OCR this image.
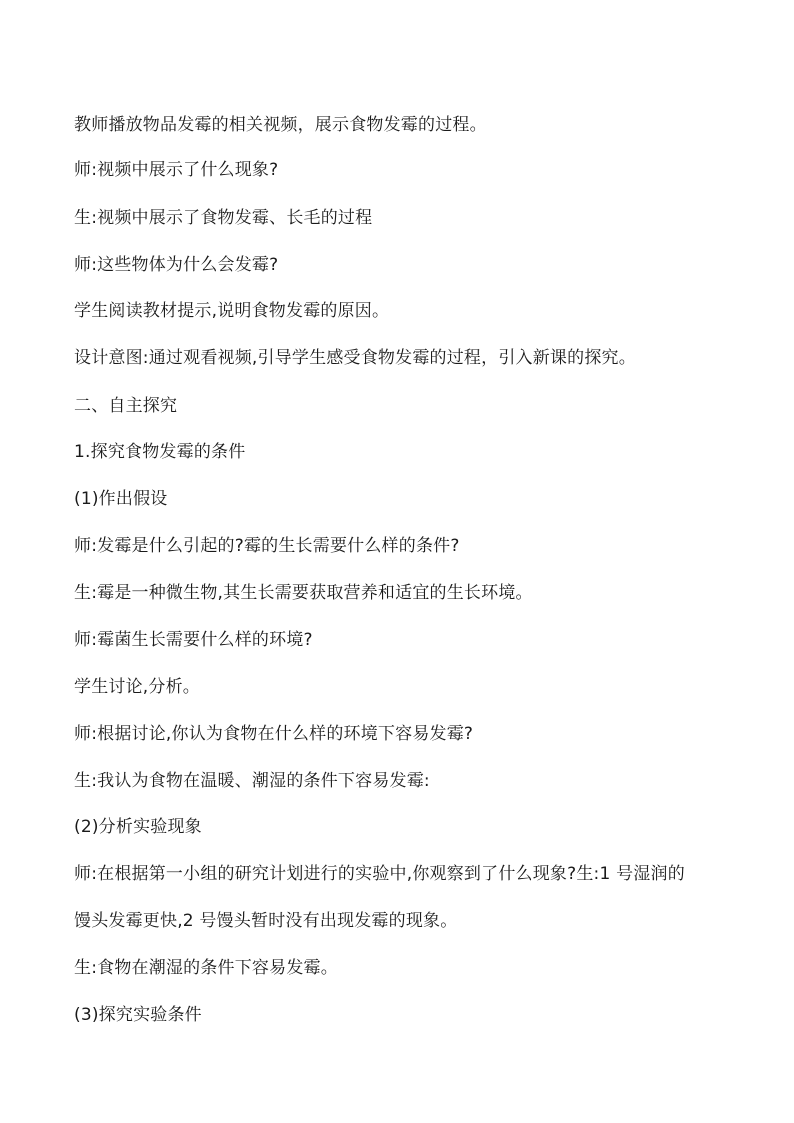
教师播放物品发霉的相关视频，展示食物发霉的过程。

师:视频中展示了什么现象?

生:视频中展示了食物发霉、长毛的过程

师:这些物体为什么会发霉?

学生阅读教材提示,说明食物发霉的原因。

设计意图:通过观看视频,引导学生感受食物发霉的过程，引入新课的探究。

二、自主探究

1.探究食物发霉的条件

(1)作出假设

师:发霉是什么引起的?霉的生长需要什么样的条件?

生:霉是一种微生物,其生长需要获取营养和适宜的生长环境。

师:霉菌生长需要什么样的环境?

学生讨论,分析。

师:根据讨论,你认为食物在什么样的环境下容易发霉?

生:我认为食物在温暖、潮湿的条件下容易发霉:

(2)分析实验现象

师:在根据第一小组的研究计划进行的实验中,你观察到了什么现象?生:1 号湿润的

馒头发霉更快,2 号馒头暂时没有出现发霉的现象。

生:食物在潮湿的条件下容易发霉。

(3)探究实验条件
